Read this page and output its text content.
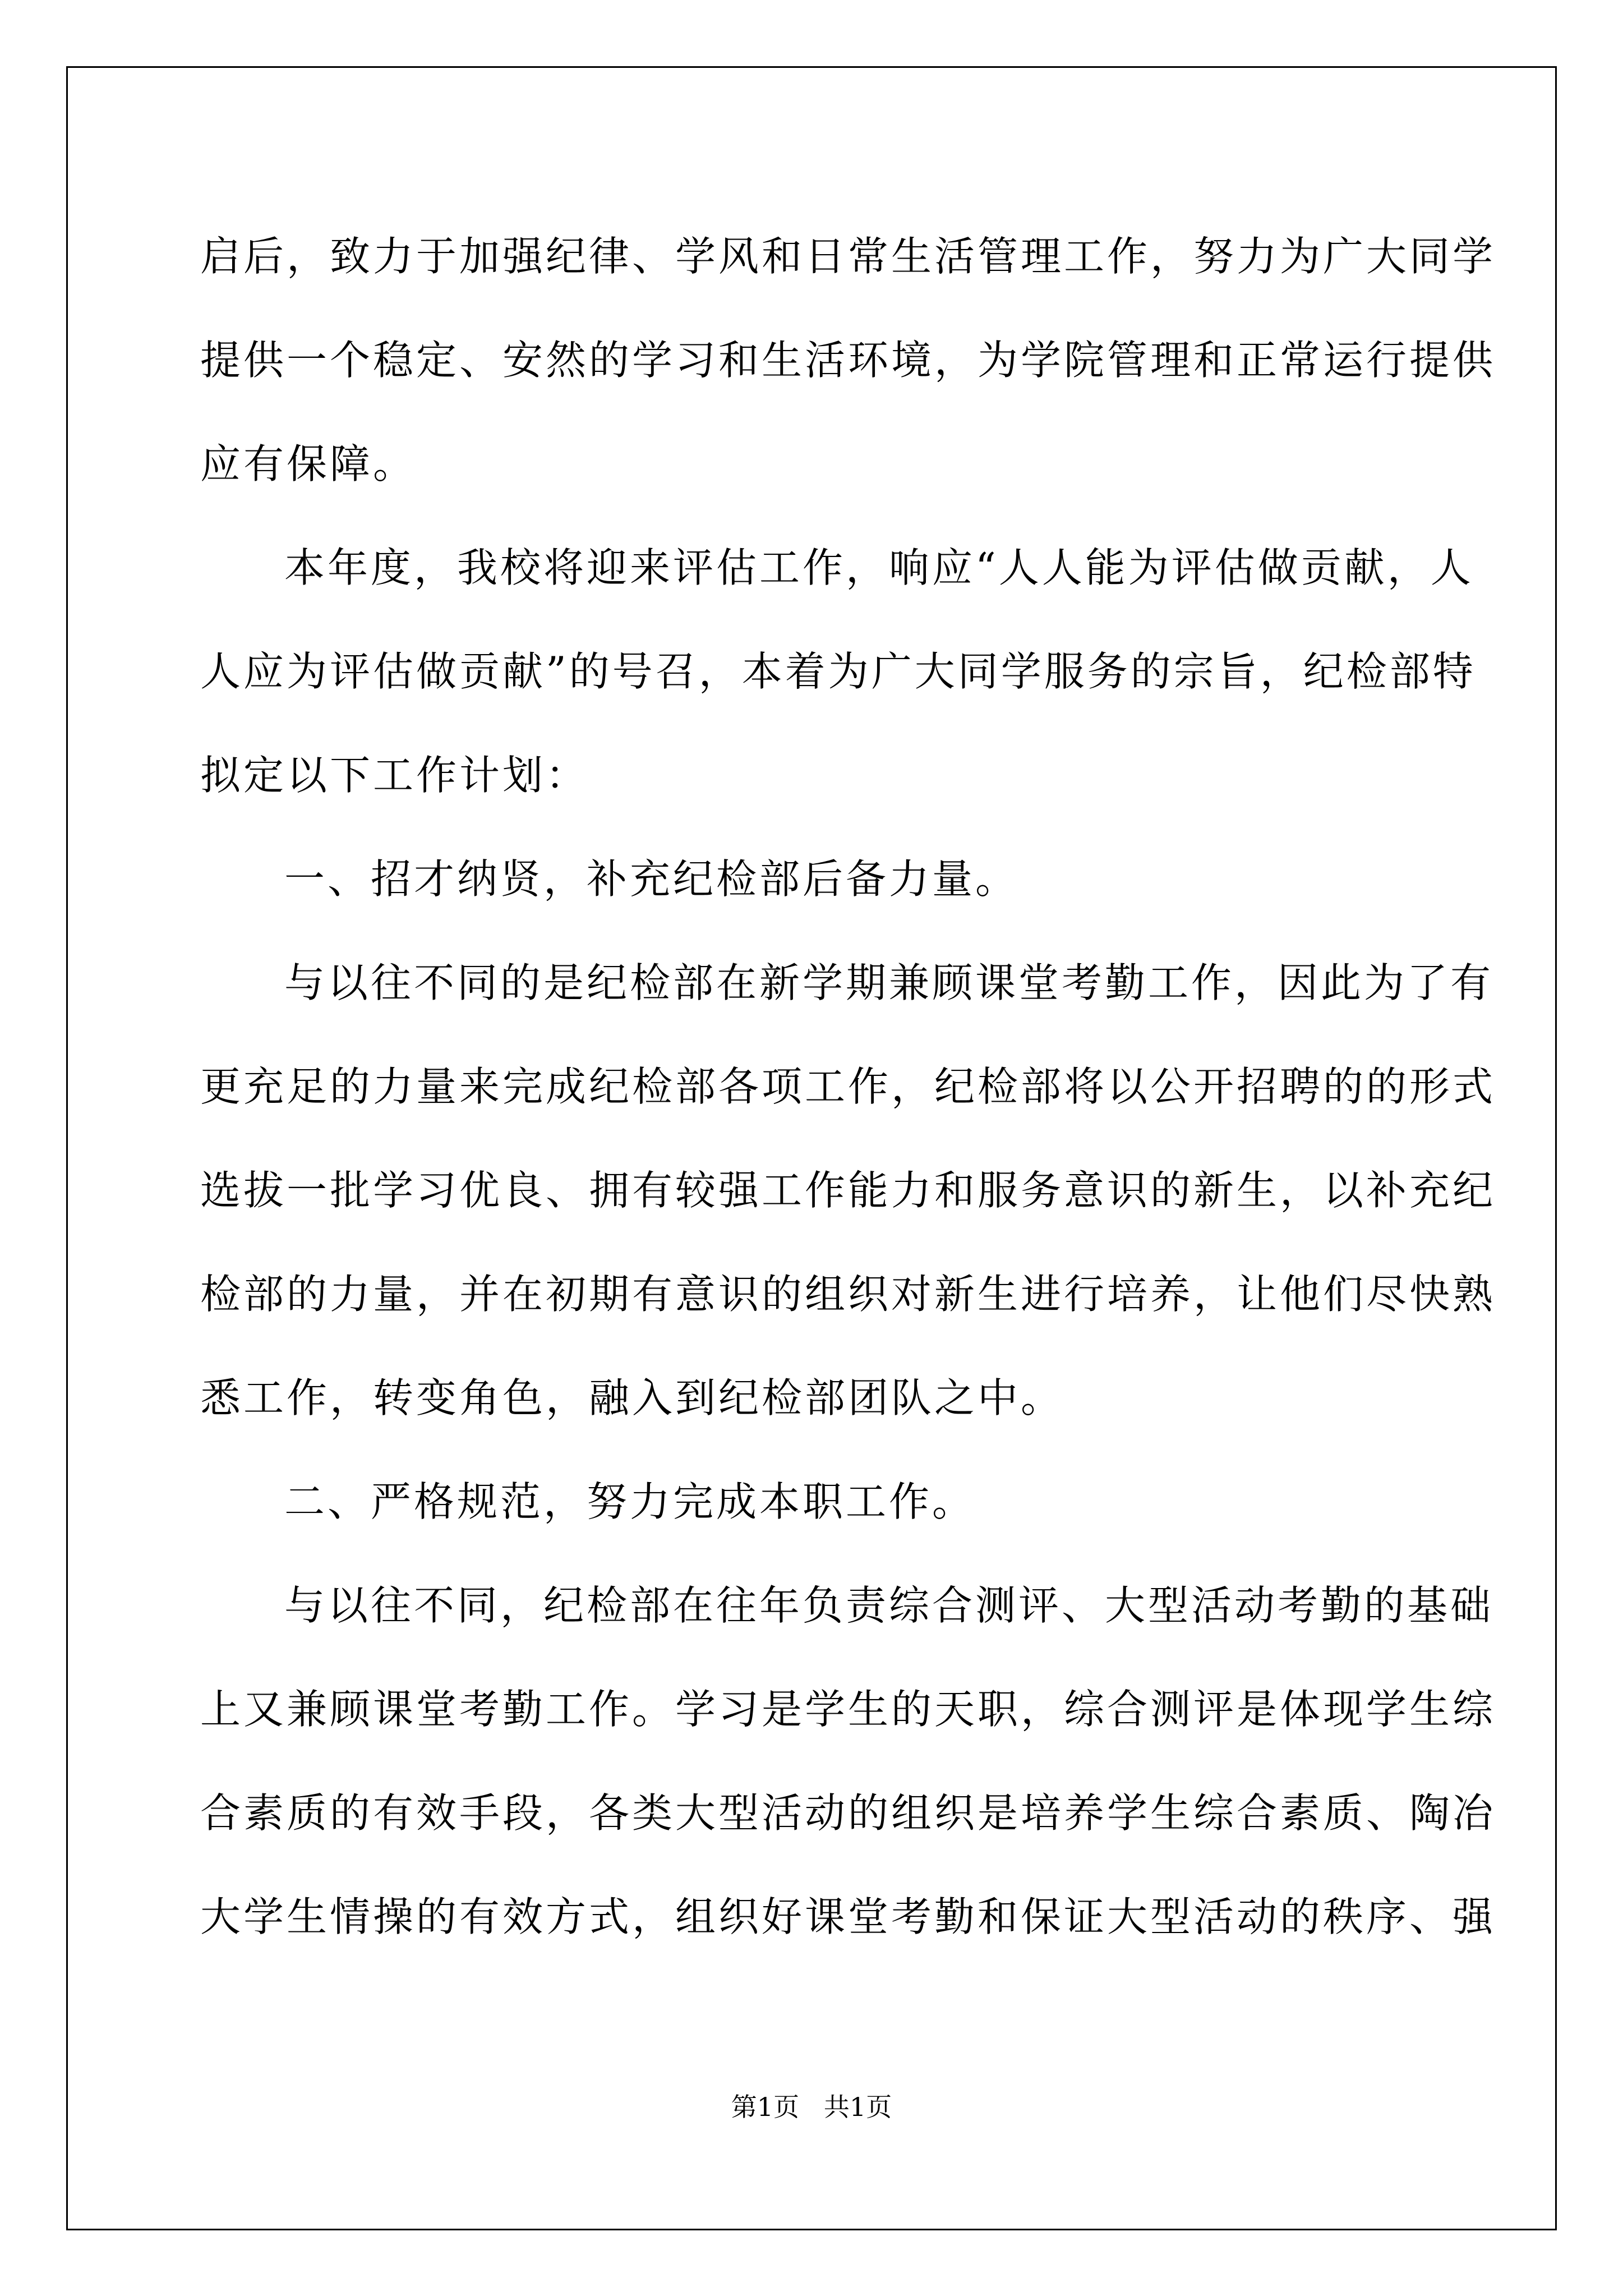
启后，致力于加强纪律、学风和日常生活管理工作，努力为广大同学
提供一个稳定、安然的学习和生活环境，为学院管理和正常运行提供
应有保障。
本年度，我校将迎来评估工作，响应“人人能为评估做贡献，人
人应为评估做贡献”的号召，本着为广大同学服务的宗旨，纪检部特
拟定以下工作计划：
一、招才纳贤，补充纪检部后备力量。
与以往不同的是纪检部在新学期兼顾课堂考勤工作，因此为了有
更充足的力量来完成纪检部各项工作，纪检部将以公开招聘的的形式
选拔一批学习优良、拥有较强工作能力和服务意识的新生，以补充纪
检部的力量，并在初期有意识的组织对新生进行培养，让他们尽快熟
悉工作，转变角色，融入到纪检部团队之中。
二、严格规范，努力完成本职工作。
与以往不同，纪检部在往年负责综合测评、大型活动考勤的基础
上又兼顾课堂考勤工作。学习是学生的天职，综合测评是体现学生综
合素质的有效手段，各类大型活动的组织是培养学生综合素质、陶冶
大学生情操的有效方式，组织好课堂考勤和保证大型活动的秩序、强
第1页   共1页
